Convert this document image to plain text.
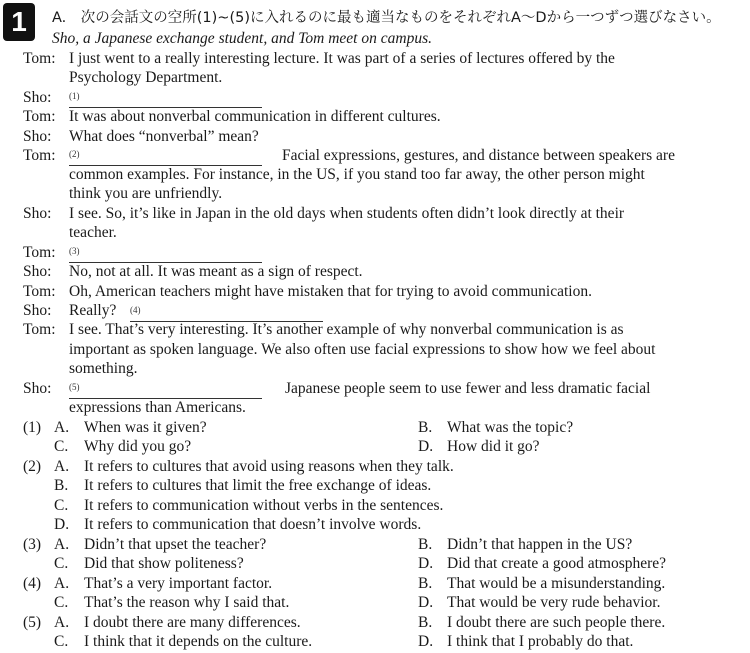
1	A.　次の会話文の空所(1)~(5)に入れるのに最も適当なものをそれぞれA～Dから一つずつ選びなさい。
Sho, a Japanese exchange student, and Tom meet on campus.
Tom: I just went to a really interesting lecture. It was part of a series of lectures offered by the
Psychology Department.
Sho: (1)
Tom: It was about nonverbal communication in different cultures.
Sho: What does “nonverbal” mean?
Tom: (2)	Facial expressions, gestures, and distance between speakers are
common examples. For instance, in the US, if you stand too far away, the other person might
think you are unfriendly.
Sho: I see. So, it’s like in Japan in the old days when students often didn’t look directly at their
teacher.
Tom: (3)
Sho: No, not at all. It was meant as a sign of respect.
Tom: Oh, American teachers might have mistaken that for trying to avoid communication.
Sho: Really? (4)
Tom: I see. That’s very interesting. It’s another example of why nonverbal communication is as
important as spoken language. We also often use facial expressions to show how we feel about
something.
Sho: (5)	Japanese people seem to use fewer and less dramatic facial
expressions than Americans.
(1) A. When was it given?	B. What was the topic?
C. Why did you go?	D. How did it go?
(2) A. It refers to cultures that avoid using reasons when they talk.
B. It refers to cultures that limit the free exchange of ideas.
C. It refers to communication without verbs in the sentences.
D. It refers to communication that doesn’t involve words.
(3) A. Didn’t that upset the teacher?	B. Didn’t that happen in the US?
C. Did that show politeness?	D. Did that create a good atmosphere?
(4) A. That’s a very important factor.	B. That would be a misunderstanding.
C. That’s the reason why I said that.	D. That would be very rude behavior.
(5) A. I doubt there are many differences.	B. I doubt there are such people there.
C. I think that it depends on the culture.	D. I think that I probably do that.
